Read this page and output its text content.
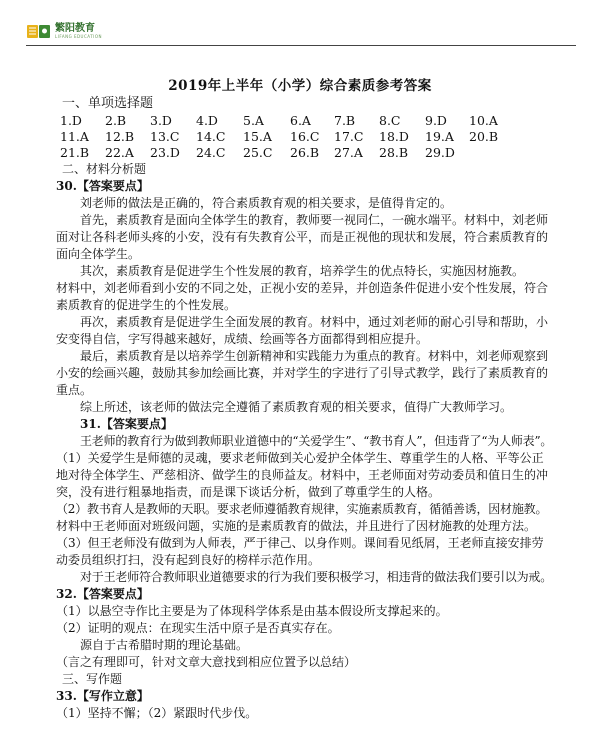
繁阳教育
LIFANG EDUCATION
2019年上半年（小学）综合素质参考答案
一、单项选择题
1.D	2.B	3.D	4.D	5.A	6.A	7.B	8.C	9.D	10.A
11.A	12.B	13.C	14.C	15.A	16.C	17.C	18.D	19.A	20.B
21.B	22.A	23.D	24.C	25.C	26.B	27.A	28.B	29.D
二、材料分析题
30.【答案要点】

刘老师的做法是正确的，符合素质教育观的相关要求，是值得肯定的。

首先，素质教育是面向全体学生的教育，教师要一视同仁，一碗水端平。材料中，刘老师

面对让各科老师头疼的小安，没有有失教育公平，而是正视他的现状和发展，符合素质教育的

面向全体学生。

其次，素质教育是促进学生个性发展的教育，培养学生的优点特长，实施因材施教。

材料中，刘老师看到小安的不同之处，正视小安的差异，并创造条件促进小安个性发展，符合

素质教育的促进学生的个性发展。

再次，素质教育是促进学生全面发展的教育。材料中，通过刘老师的耐心引导和帮助，小

安变得自信，字写得越来越好，成绩、绘画等各方面都得到相应提升。

最后，素质教育是以培养学生创新精神和实践能力为重点的教育。材料中，刘老师观察到

小安的绘画兴趣，鼓励其参加绘画比赛，并对学生的字进行了引导式教学，践行了素质教育的

重点。

综上所述，该老师的做法完全遵循了素质教育观的相关要求，值得广大教师学习。

31.【答案要点】

王老师的教育行为做到教师职业道德中的“关爱学生”、“教书育人”，但违背了“为人师表”。

（1）关爱学生是师德的灵魂，要求老师做到关心爱护全体学生、尊重学生的人格、平等公正

地对待全体学生、严慈相济、做学生的良师益友。材料中，王老师面对劳动委员和值日生的冲

突，没有进行粗暴地指责，而是课下谈话分析，做到了尊重学生的人格。

（2）教书育人是教师的天职。要求老师遵循教育规律，实施素质教育，循循善诱，因材施教。

材料中王老师面对班级问题，实施的是素质教育的做法，并且进行了因材施教的处理方法。

（3）但王老师没有做到为人师表，严于律己、以身作则。课间看见纸屑，王老师直接安排劳

动委员组织打扫，没有起到良好的榜样示范作用。

对于王老师符合教师职业道德要求的行为我们要积极学习，相违背的做法我们要引以为戒。

32.【答案要点】

（1）以悬空寺作比主要是为了体现科学体系是由基本假设所支撑起来的。

（2）证明的观点：在现实生活中原子是否真实存在。

源自于古希腊时期的理论基础。

（言之有理即可，针对文章大意找到相应位置予以总结）

三、写作题
33.【写作立意】

（1）坚持不懈；（2）紧跟时代步伐。
